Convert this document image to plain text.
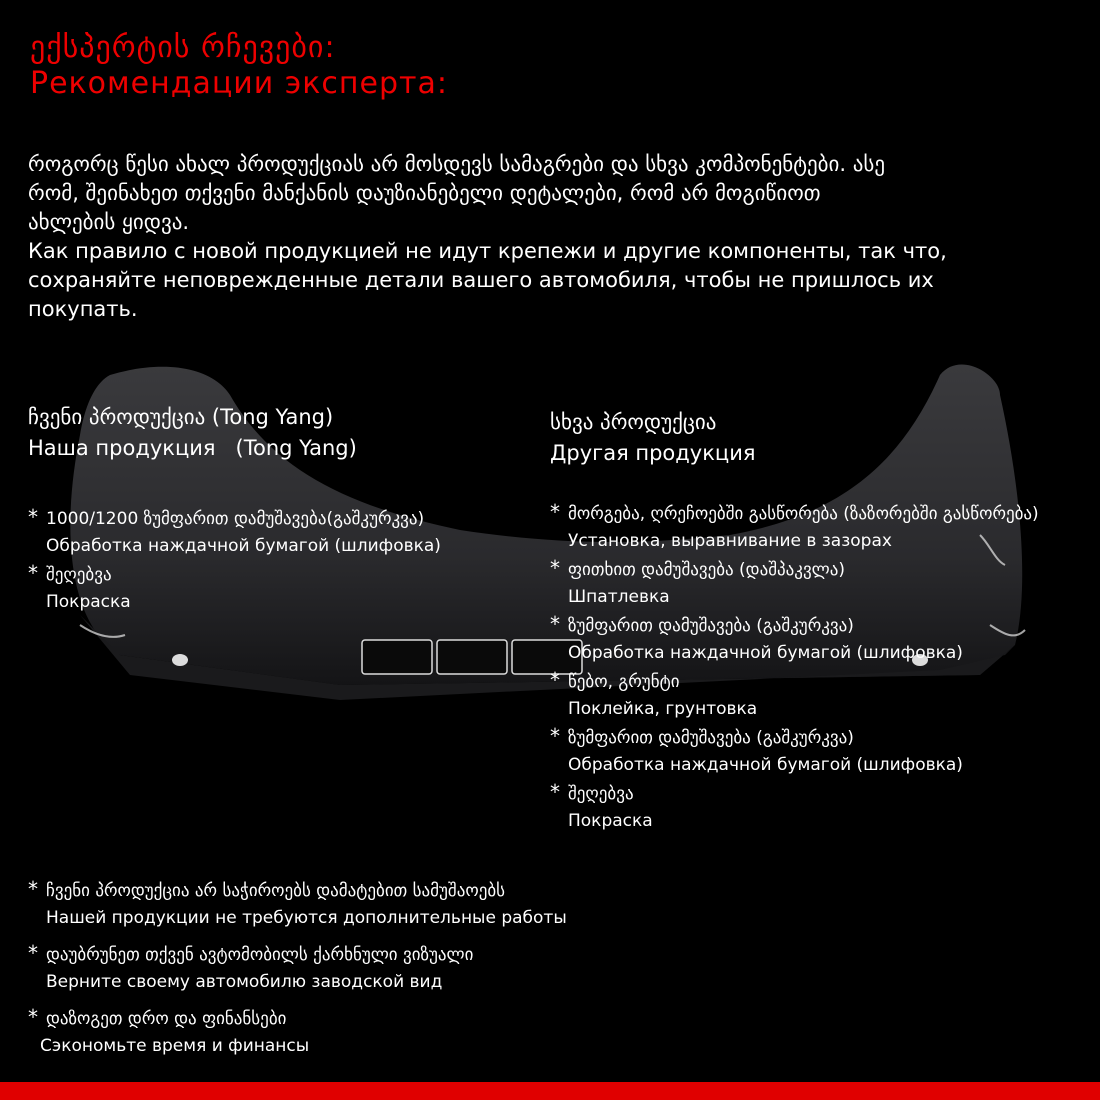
ექსპერტის რჩევები:
Рекомендации эксперта:
როგორც წესი ახალ პროდუქციას არ მოსდევს სამაგრები და სხვა კომპონენტები. ასე
რომ, შეინახეთ თქვენი მანქანის დაუზიანებელი დეტალები, რომ არ მოგიწიოთ
ახლების ყიდვა.
Как правило с новой продукцией не идут крепежи и другие компоненты, так что,
сохраняйте неповрежденные детали вашего автомобиля, чтобы не пришлось их
покупать.
ჩვენი პროდუქცია (Tong Yang)
Наша продукция   (Tong Yang)
* 1000/1200 ზუმფარით დამუშავება(გაშკურკვა)
Обработка наждачной бумагой (шлифовка)
* შეღებვა
Покраска
სხვა პროდუქცია
Другая продукция
* მორგება, ღრეჩოებში გასწორება (ზაზორებში გასწორება)
Установка, выравнивание в зазорах
* ფითხით დამუშავება (დაშპაკვლა)
Шпатлевка
* ზუმფარით დამუშავება (გაშკურკვა)
Обработка наждачной бумагой (шлифовка)
* წებო, გრუნტი
Поклейка, грунтовка
* ზუმფარით დამუშავება (გაშკურკვა)
Обработка наждачной бумагой (шлифовка)
* შეღებვა
Покраска
* ჩვენი პროდუქცია არ საჭიროებს დამატებით სამუშაოებს
Нашей продукции не требуются дополнительные работы
* დაუბრუნეთ თქვენ ავტომობილს ქარხნული ვიზუალი
Верните своему автомобилю заводской вид
* დაზოგეთ დრო და ფინანსები
Сэкономьте время и финансы
